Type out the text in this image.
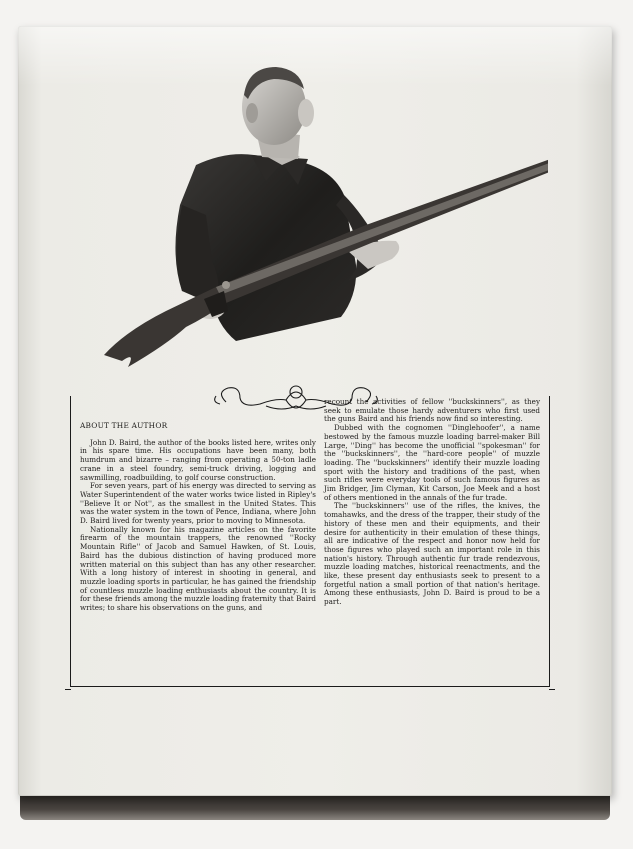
ABOUT THE AUTHOR

John D. Baird, the author of the books listed here, writes only in his spare time. His occupations have been many, both humdrum and bizarre – ranging from operating a 50-ton ladle crane in a steel foundry, semi-truck driving, logging and sawmilling, roadbuilding, to golf course construction.

For seven years, part of his energy was directed to serving as Water Superintendent of the water works twice listed in Ripley's ''Believe It or Not'', as the smallest in the United States. This was the water system in the town of Pence, Indiana, where John D. Baird lived for twenty years, prior to moving to Minnesota.

Nationally known for his magazine articles on the favorite firearm of the mountain trappers, the renowned ''Rocky Mountain Rifle'' of Jacob and Samuel Hawken, of St. Louis, Baird has the dubious distinction of having produced more written material on this subject than has any other researcher. With a long history of interest in shooting in general, and muzzle loading sports in particular, he has gained the friendship of countless muzzle loading enthusiasts about the country. It is for these friends among the muzzle loading fraternity that Baird writes; to share his observations on the guns, and

recount the activities of fellow ''buckskinners'', as they seek to emulate those hardy adventurers who first used the guns Baird and his friends now find so interesting.

Dubbed with the cognomen ''Dinglehoofer'', a name bestowed by the famous muzzle loading barrel-maker Bill Large, ''Ding'' has become the unofficial ''spokesman'' for the ''buckskinners'', the ''hard-core people'' of muzzle loading. The ''buckskinners'' identify their muzzle loading sport with the history and traditions of the past, when such rifles were everyday tools of such famous figures as Jim Bridger, Jim Clyman, Kit Carson, Joe Meek and a host of others mentioned in the annals of the fur trade.

The ''buckskinners'' use of the rifles, the knives, the tomahawks, and the dress of the trapper, their study of the history of these men and their equipments, and their desire for authenticity in their emulation of these things, all are indicative of the respect and honor now held for those figures who played such an important role in this nation's history. Through authentic fur trade rendezvous, muzzle loading matches, historical reenactments, and the like, these present day enthusiasts seek to present to a forgetful nation a small portion of that nation's heritage. Among these enthusiasts, John D. Baird is proud to be a part.
